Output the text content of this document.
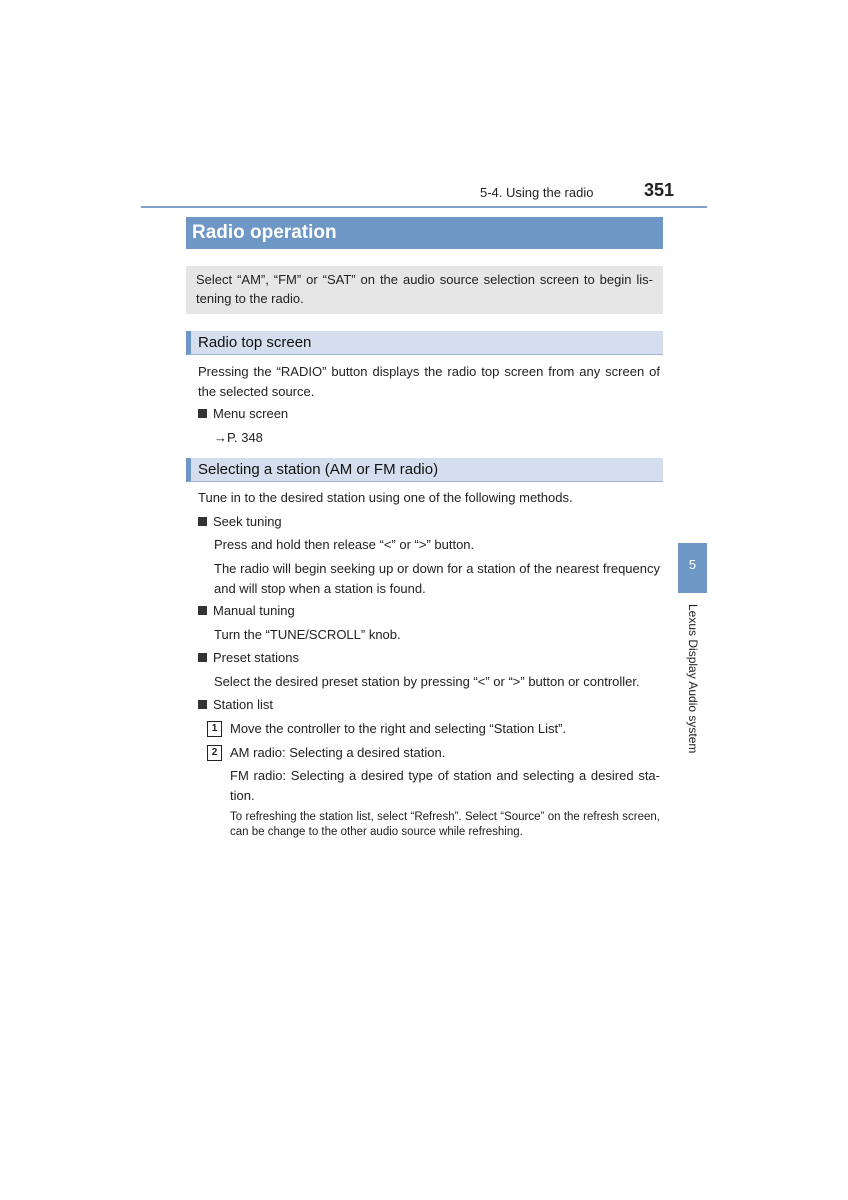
5-4. Using the radio	351
Radio operation
Select “AM”, “FM” or “SAT” on the audio source selection screen to begin lis-tening to the radio.
Radio top screen
Pressing the “RADIO” button displays the radio top screen from any screen of the selected source.
Menu screen
→P. 348
Selecting a station (AM or FM radio)
Tune in to the desired station using one of the following methods.
Seek tuning
Press and hold then release “<” or “>” button.
The radio will begin seeking up or down for a station of the nearest frequency and will stop when a station is found.
Manual tuning
Turn the “TUNE/SCROLL” knob.
Preset stations
Select the desired preset station by pressing “<” or “>” button or controller.
Station list
1 Move the controller to the right and selecting “Station List”.
2 AM radio: Selecting a desired station.
FM radio: Selecting a desired type of station and selecting a desired sta-tion.
To refreshing the station list, select “Refresh”. Select “Source” on the refresh screen, can be change to the other audio source while refreshing.
5
Lexus Display Audio system
